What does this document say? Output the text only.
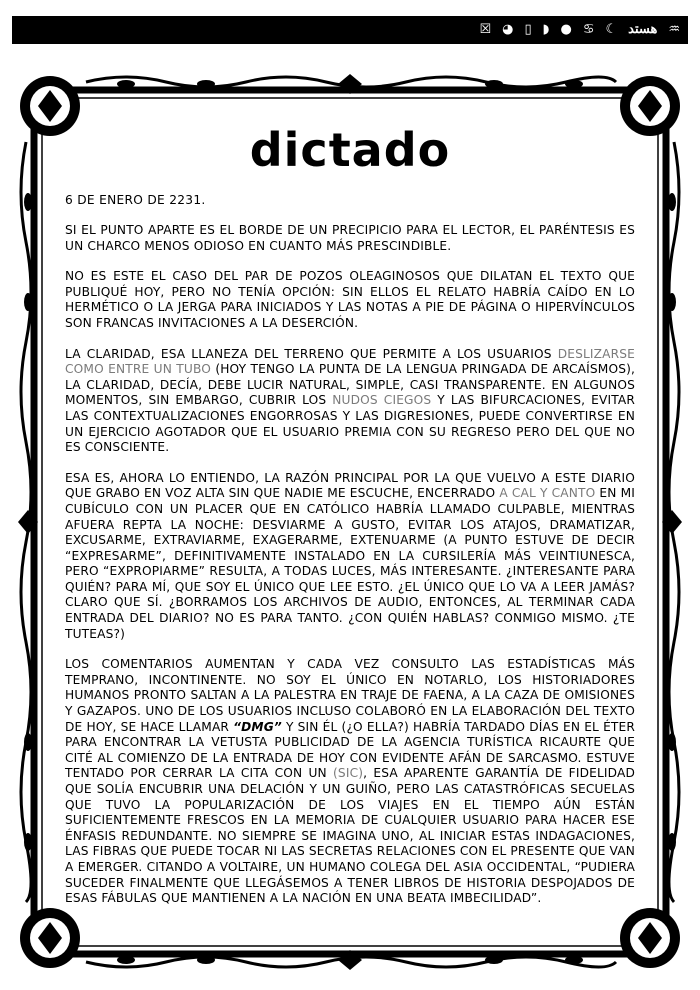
☒ ◕ ▯ ◗ ● ♋ ☾ هستد ♒
dictado

6 DE ENERO DE 2231.

SI EL PUNTO APARTE ES EL BORDE DE UN PRECIPICIO PARA EL LECTOR, EL PARÉNTESIS ES UN CHARCO MENOS ODIOSO EN CUANTO MÁS PRESCINDIBLE.

NO ES ESTE EL CASO DEL PAR DE POZOS OLEAGINOSOS QUE DILATAN EL TEXTO QUE PUBLIQUÉ HOY, PERO NO TENÍA OPCIÓN: SIN ELLOS EL RELATO HABRÍA CAÍDO EN LO HERMÉTICO O LA JERGA PARA INICIADOS Y LAS NOTAS A PIE DE PÁGINA O HIPERVÍNCULOS SON FRANCAS INVITACIONES A LA DESERCIÓN.

LA CLARIDAD, ESA LLANEZA DEL TERRENO QUE PERMITE A LOS USUARIOS DESLIZARSE COMO ENTRE UN TUBO (HOY TENGO LA PUNTA DE LA LENGUA PRINGADA DE ARCAÍSMOS), LA CLARIDAD, DECÍA, DEBE LUCIR NATURAL, SIMPLE, CASI TRANSPARENTE. EN ALGUNOS MOMENTOS, SIN EMBARGO, CUBRIR LOS NUDOS CIEGOS Y LAS BIFURCACIONES, EVITAR LAS CONTEXTUALIZACIONES ENGORROSAS Y LAS DIGRESIONES, PUEDE CONVERTIRSE EN UN EJERCICIO AGOTADOR QUE EL USUARIO PREMIA CON SU REGRESO PERO DEL QUE NO ES CONSCIENTE.

ESA ES, AHORA LO ENTIENDO, LA RAZÓN PRINCIPAL POR LA QUE VUELVO A ESTE DIARIO QUE GRABO EN VOZ ALTA SIN QUE NADIE ME ESCUCHE, ENCERRADO A CAL Y CANTO EN MI CUBÍCULO CON UN PLACER QUE EN CATÓLICO HABRÍA LLAMADO CULPABLE, MIENTRAS AFUERA REPTA LA NOCHE: DESVIARME A GUSTO, EVITAR LOS ATAJOS, DRAMATIZAR, EXCUSARME, EXTRAVIARME, EXAGERARME, EXTENUARME (A PUNTO ESTUVE DE DECIR “EXPRESARME”, DEFINITIVAMENTE INSTALADO EN LA CURSILERÍA MÁS VEINTIUNESCA, PERO “EXPROPIARME” RESULTA, A TODAS LUCES, MÁS INTERESANTE. ¿INTERESANTE PARA QUIÉN? PARA MÍ, QUE SOY EL ÚNICO QUE LEE ESTO. ¿EL ÚNICO QUE LO VA A LEER JAMÁS? CLARO QUE SÍ. ¿BORRAMOS LOS ARCHIVOS DE AUDIO, ENTONCES, AL TERMINAR CADA ENTRADA DEL DIARIO? NO ES PARA TANTO. ¿CON QUIÉN HABLAS? CONMIGO MISMO. ¿TE TUTEAS?)

LOS COMENTARIOS AUMENTAN Y CADA VEZ CONSULTO LAS ESTADÍSTICAS MÁS TEMPRANO, INCONTINENTE. NO SOY EL ÚNICO EN NOTARLO, LOS HISTORIADORES HUMANOS PRONTO SALTAN A LA PALESTRA EN TRAJE DE FAENA, A LA CAZA DE OMISIONES Y GAZAPOS. UNO DE LOS USUARIOS INCLUSO COLABORÓ EN LA ELABORACIÓN DEL TEXTO DE HOY, SE HACE LLAMAR “DMG” Y SIN ÉL (¿O ELLA?) HABRÍA TARDADO DÍAS EN EL ÉTER PARA ENCONTRAR LA VETUSTA PUBLICIDAD DE LA AGENCIA TURÍSTICA RICAURTE QUE CITÉ AL COMIENZO DE LA ENTRADA DE HOY CON EVIDENTE AFÁN DE SARCASMO. ESTUVE TENTADO POR CERRAR LA CITA CON UN (SIC), ESA APARENTE GARANTÍA DE FIDELIDAD QUE SOLÍA ENCUBRIR UNA DELACIÓN Y UN GUIÑO, PERO LAS CATASTRÓFICAS SECUELAS QUE TUVO LA POPULARIZACIÓN DE LOS VIAJES EN EL TIEMPO AÚN ESTÁN SUFICIENTEMENTE FRESCOS EN LA MEMORIA DE CUALQUIER USUARIO PARA HACER ESE ÉNFASIS REDUNDANTE. NO SIEMPRE SE IMAGINA UNO, AL INICIAR ESTAS INDAGACIONES, LAS FIBRAS QUE PUEDE TOCAR NI LAS SECRETAS RELACIONES CON EL PRESENTE QUE VAN A EMERGER. CITANDO A VOLTAIRE, UN HUMANO COLEGA DEL ASIA OCCIDENTAL, “PUDIERA SUCEDER FINALMENTE QUE LLEGÁSEMOS A TENER LIBROS DE HISTORIA DESPOJADOS DE ESAS FÁBULAS QUE MANTIENEN A LA NACIÓN EN UNA BEATA IMBECILIDAD”.
